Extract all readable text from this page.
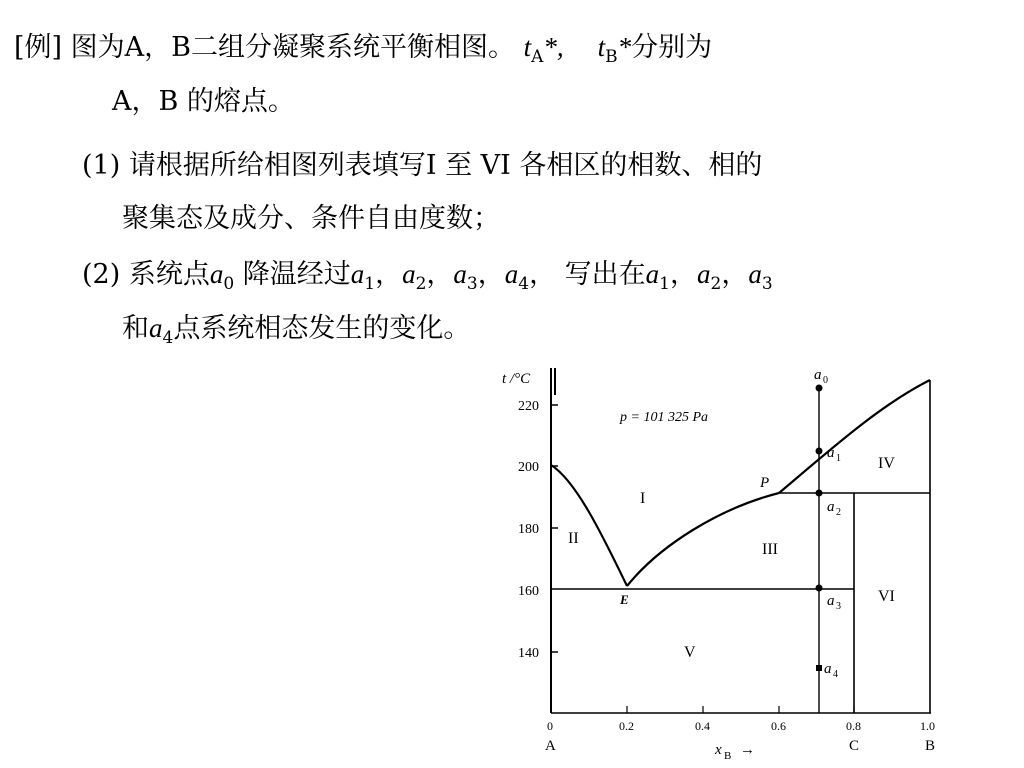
[例] 图为A，B二组分凝聚系统平衡相图。 $t_A*$, $t_B*$分别为
A，B 的熔点。
(1) 请根据所给相图列表填写I 至 VI 各相区的相数、相的
聚集态及成分、条件自由度数；
(2) 系统点$a_0$ 降温经过$a_1$，$a_2$，$a_3$，$a_4$， 写出在$a_1$，$a_2$，$a_3$
和$a_4$点系统相态发生的变化。
t /°C
p = 101 325 Pa
220
200
180
160
140
0	0.2	0.4	0.6	0.8	1.0
A	C	B
x B →
I
II
III
IV
V
VI
E
P
a 0
a 1
a 2
a 3
a 4
